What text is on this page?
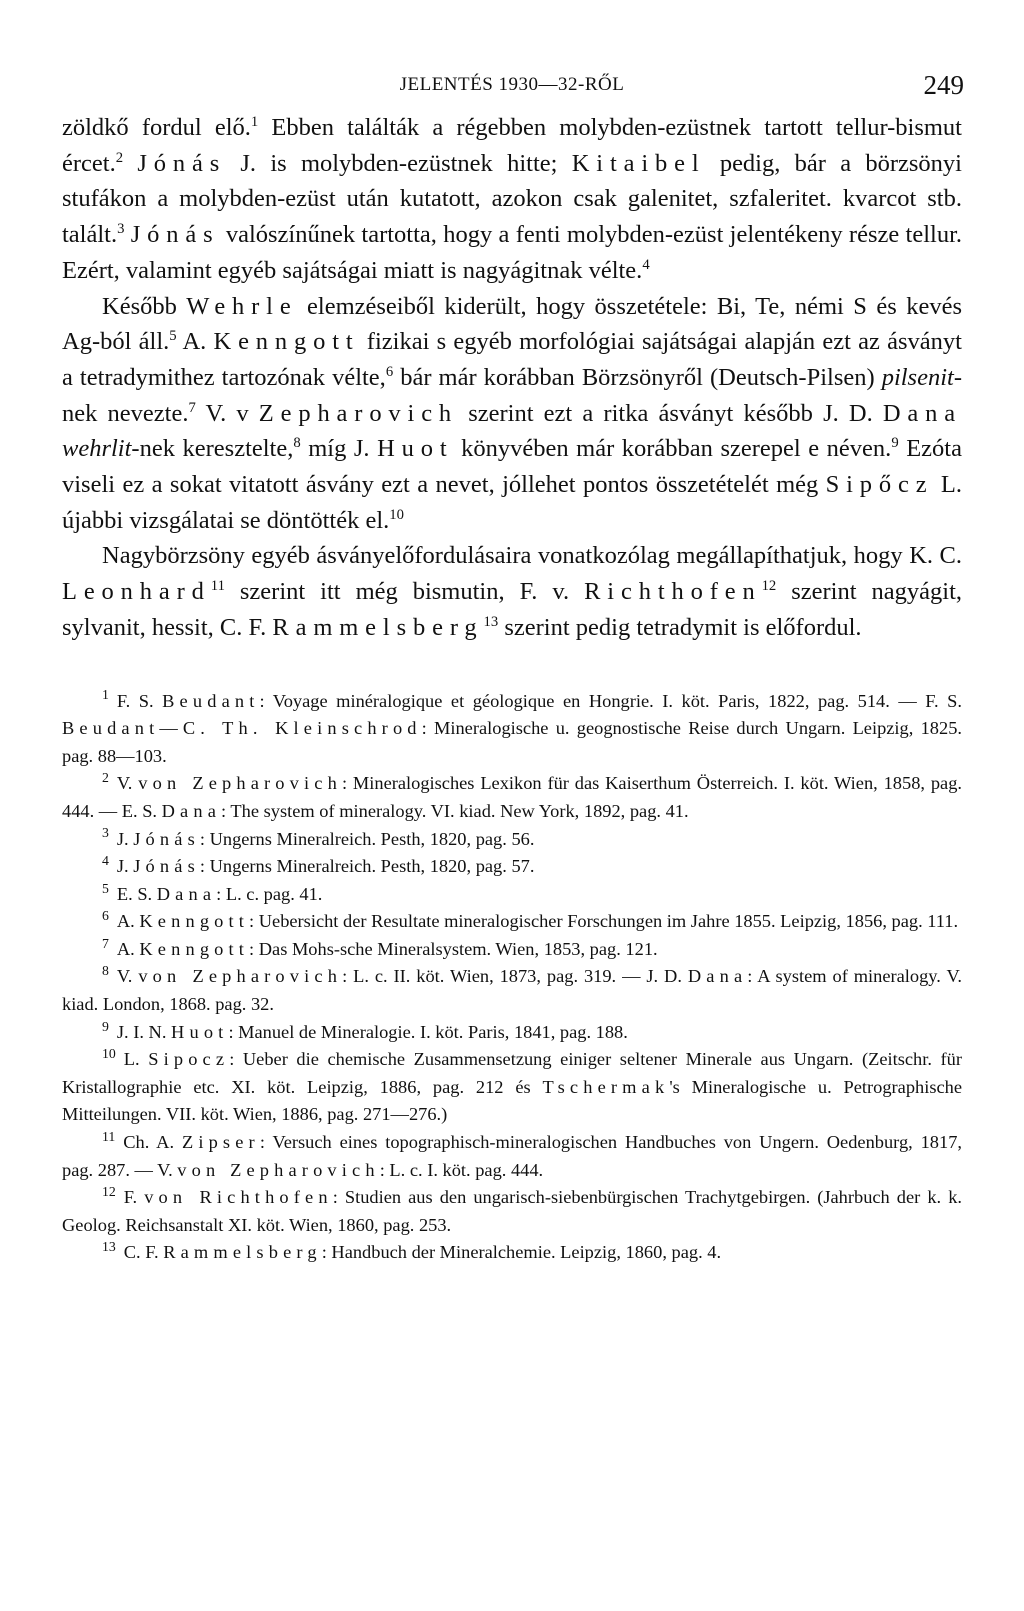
JELENTÉS 1930—32-RŐL	249

zöldkő fordul elő.$^1$ Ebben találták a régebben molybden-ezüstnek tartott tellur-bismut ércet.$^2$ Jónás J. is molybden-ezüstnek hitte; Kitaibel pedig, bár a börzsönyi stufákon a molybden-ezüst után kutatott, azokon csak galenitet, szfaleritet. kvarcot stb. talált.$^3$ Jónás valószínűnek tartotta, hogy a fenti molybden-ezüst jelentékeny része tellur. Ezért, valamint egyéb sajátságai miatt is nagyágitnak vélte.$^4$

Később Wehrle elemzéseiből kiderült, hogy összetétele: Bi, Te, némi S és kevés Ag-ból áll.$^5$ A. Kenngott fizikai s egyéb morfológiai sajátságai alapján ezt az ásványt a tetradymithez tartozónak vélte,$^6$ bár már korábban Börzsönyről (Deutsch-Pilsen) pilsenit-nek nevezte.$^7$ V. v Zepharovich szerint ezt a ritka ásványt később J. D. Dana wehrlit-nek keresztelte,$^8$ míg J. Huot könyvében már korábban szerepel e néven.$^9$ Ezóta viseli ez a sokat vitatott ásvány ezt a nevet, jóllehet pontos összetételét még Sipőcz L. újabbi vizsgálatai se döntötték el.$^{10}$

Nagybörzsöny egyéb ásványelőfordulásaira vonatkozólag megállapíthatjuk, hogy K. C. Leonhard$^{11}$ szerint itt még bismutin, F. v. Richthofen$^{12}$ szerint nagyágit, sylvanit, hessit, C. F. Rammelsberg$^{13}$ szerint pedig tetradymit is előfordul.

$^1$ F. S. Beudant: Voyage minéralogique et géologique en Hongrie. I. köt. Paris, 1822, pag. 514. — F. S. Beudant—C. Th. Kleinschrod: Mineralogische u. geognostische Reise durch Ungarn. Leipzig, 1825. pag. 88—103.

$^2$ V. von Zepharovich: Mineralogisches Lexikon für das Kaiserthum Österreich. I. köt. Wien, 1858, pag. 444. — E. S. Dana: The system of mineralogy. VI. kiad. New York, 1892, pag. 41.

$^3$ J. Jónás: Ungerns Mineralreich. Pesth, 1820, pag. 56.

$^4$ J. Jónás: Ungerns Mineralreich. Pesth, 1820, pag. 57.

$^5$ E. S. Dana: L. c. pag. 41.

$^6$ A. Kenngott: Uebersicht der Resultate mineralogischer Forschungen im Jahre 1855. Leipzig, 1856, pag. 111.

$^7$ A. Kenngott: Das Mohs-sche Mineralsystem. Wien, 1853, pag. 121.

$^8$ V. von Zepharovich: L. c. II. köt. Wien, 1873, pag. 319. — J. D. Dana: A system of mineralogy. V. kiad. London, 1868. pag. 32.

$^9$ J. I. N. Huot: Manuel de Mineralogie. I. köt. Paris, 1841, pag. 188.

$^{10}$ L. Sipocz: Ueber die chemische Zusammensetzung einiger seltener Minerale aus Ungarn. (Zeitschr. für Kristallographie etc. XI. köt. Leipzig, 1886, pag. 212 és Tschermak's Mineralogische u. Petrographische Mitteilungen. VII. köt. Wien, 1886, pag. 271—276.)

$^{11}$ Ch. A. Zipser: Versuch eines topographisch-mineralogischen Handbuches von Ungern. Oedenburg, 1817, pag. 287. — V. von Zepharovich: L. c. I. köt. pag. 444.

$^{12}$ F. von Richthofen: Studien aus den ungarisch-siebenbürgischen Trachytgebirgen. (Jahrbuch der k. k. Geolog. Reichsanstalt XI. köt. Wien, 1860, pag. 253.

$^{13}$ C. F. Rammelsberg: Handbuch der Mineralchemie. Leipzig, 1860, pag. 4.
